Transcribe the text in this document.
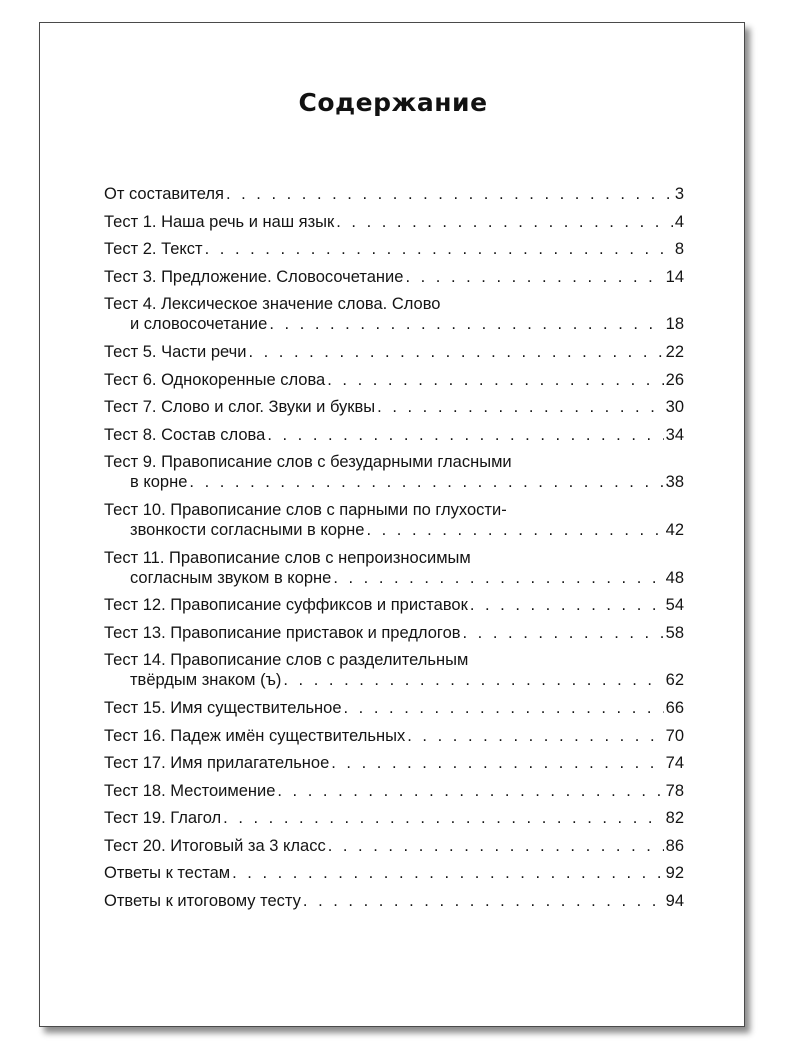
Содержание
От составителя . . .	3
Тест 1. Наша речь и наш язык . . .	4
Тест 2. Текст . . .	8
Тест 3. Предложение. Словосочетание . . .	14
Тест 4. Лексическое значение слова. Слово
и словосочетание . . .	18
Тест 5. Части речи . . .	22
Тест 6. Однокоренные слова . . .	26
Тест 7. Слово и слог. Звуки и буквы . . .	30
Тест 8. Состав слова . . .	34
Тест 9. Правописание слов с безударными гласными
в корне . . .	38
Тест 10. Правописание слов с парными по глухости-
звонкости согласными в корне . . .	42
Тест 11. Правописание слов с непроизносимым
согласным звуком в корне . . .	48
Тест 12. Правописание суффиксов и приставок . . .	54
Тест 13. Правописание приставок и предлогов . . .	58
Тест 14. Правописание слов с разделительным
твёрдым знаком (ъ) . . .	62
Тест 15. Имя существительное . . .	66
Тест 16. Падеж имён существительных . . .	70
Тест 17. Имя прилагательное . . .	74
Тест 18. Местоимение . . .	78
Тест 19. Глагол . . .	82
Тест 20. Итоговый за 3 класс . . .	86
Ответы к тестам . . .	92
Ответы к итоговому тесту . . .	94
